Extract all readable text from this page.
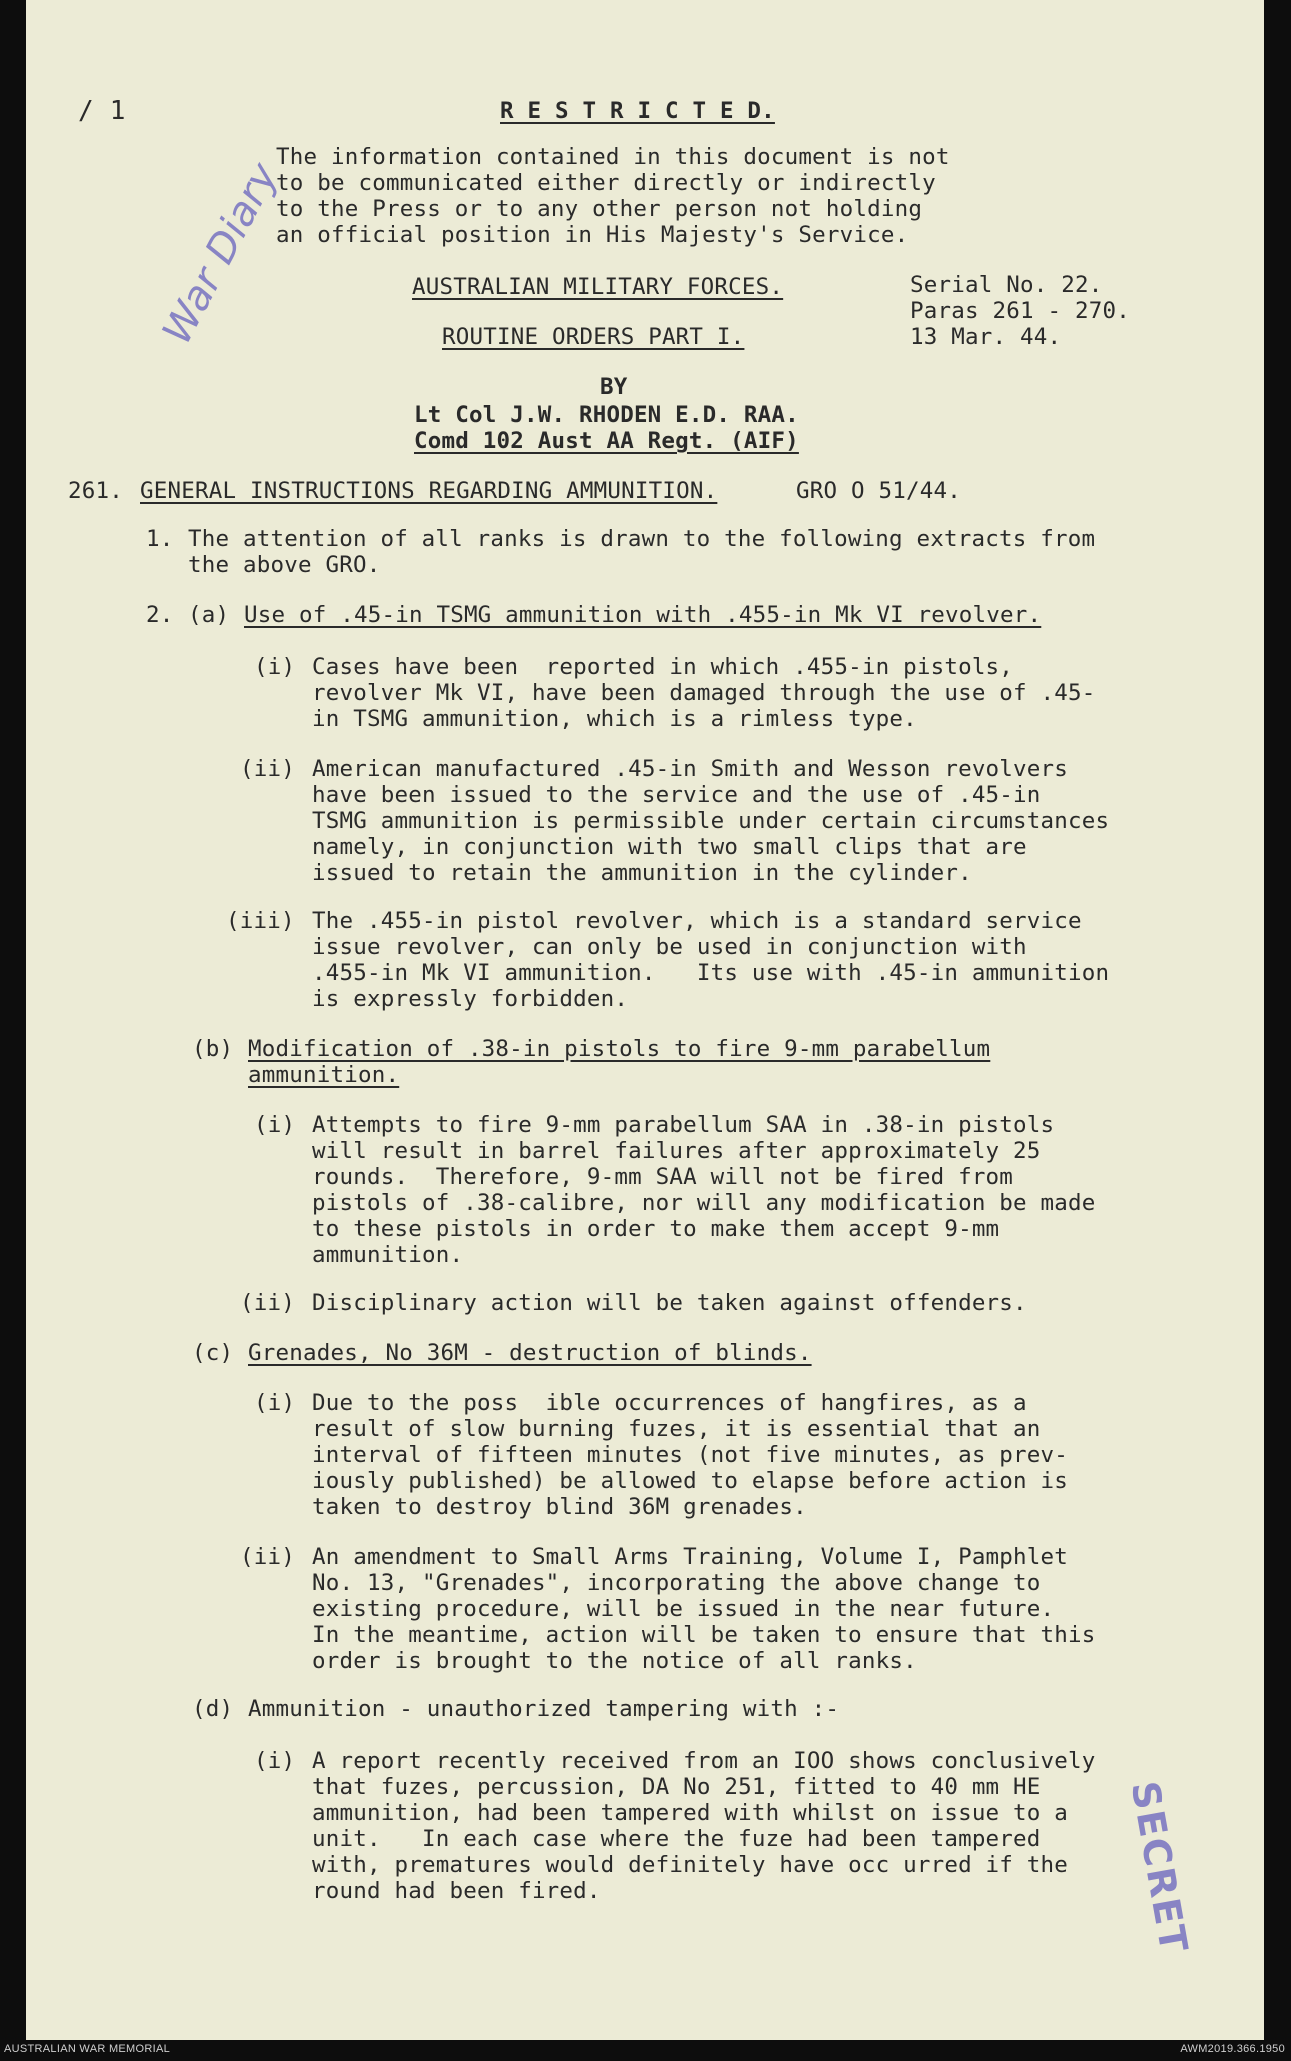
/ 1	R E S T R I C T E D.
The information contained in this document is not
to be communicated either directly or indirectly
to the Press or to any other person not holding
an official position in His Majesty's Service.
War Diary	AUSTRALIAN MILITARY FORCES.
ROUTINE ORDERS PART I.
Serial No. 22.
Paras 261 - 270.
13 Mar. 44.
BY
Lt Col J.W. RHODEN E.D. RAA.
Comd 102 Aust AA Regt. (AIF)
261. GENERAL INSTRUCTIONS REGARDING AMMUNITION.	GRO O 51/44.
1. The attention of all ranks is drawn to the following extracts from
the above GRO.
2. (a) Use of .45-in TSMG ammunition with .455-in Mk VI revolver.
(i) Cases have been  reported in which .455-in pistols,
revolver Mk VI, have been damaged through the use of .45-
in TSMG ammunition, which is a rimless type.
(ii) American manufactured .45-in Smith and Wesson revolvers
have been issued to the service and the use of .45-in
TSMG ammunition is permissible under certain circumstances
namely, in conjunction with two small clips that are
issued to retain the ammunition in the cylinder.
(iii) The .455-in pistol revolver, which is a standard service
issue revolver, can only be used in conjunction with
.455-in Mk VI ammunition.   Its use with .45-in ammunition
is expressly forbidden.
(b) Modification of .38-in pistols to fire 9-mm parabellum
ammunition.
(i) Attempts to fire 9-mm parabellum SAA in .38-in pistols
will result in barrel failures after approximately 25
rounds.  Therefore, 9-mm SAA will not be fired from
pistols of .38-calibre, nor will any modification be made
to these pistols in order to make them accept 9-mm
ammunition.
(ii) Disciplinary action will be taken against offenders.
(c) Grenades, No 36M - destruction of blinds.
(i) Due to the poss  ible occurrences of hangfires, as a
result of slow burning fuzes, it is essential that an
interval of fifteen minutes (not five minutes, as prev-
iously published) be allowed to elapse before action is
taken to destroy blind 36M grenades.
(ii) An amendment to Small Arms Training, Volume I, Pamphlet
No. 13, "Grenades", incorporating the above change to
existing procedure, will be issued in the near future.
In the meantime, action will be taken to ensure that this
order is brought to the notice of all ranks.
(d) Ammunition - unauthorized tampering with :-
(i) A report recently received from an IOO shows conclusively
that fuzes, percussion, DA No 251, fitted to 40 mm HE
ammunition, had been tampered with whilst on issue to a
unit.   In each case where the fuze had been tampered
with, prematures would definitely have occ urred if the
round had been fired.	SECRET
AUSTRALIAN WAR MEMORIAL	AWM2019.366.1950
